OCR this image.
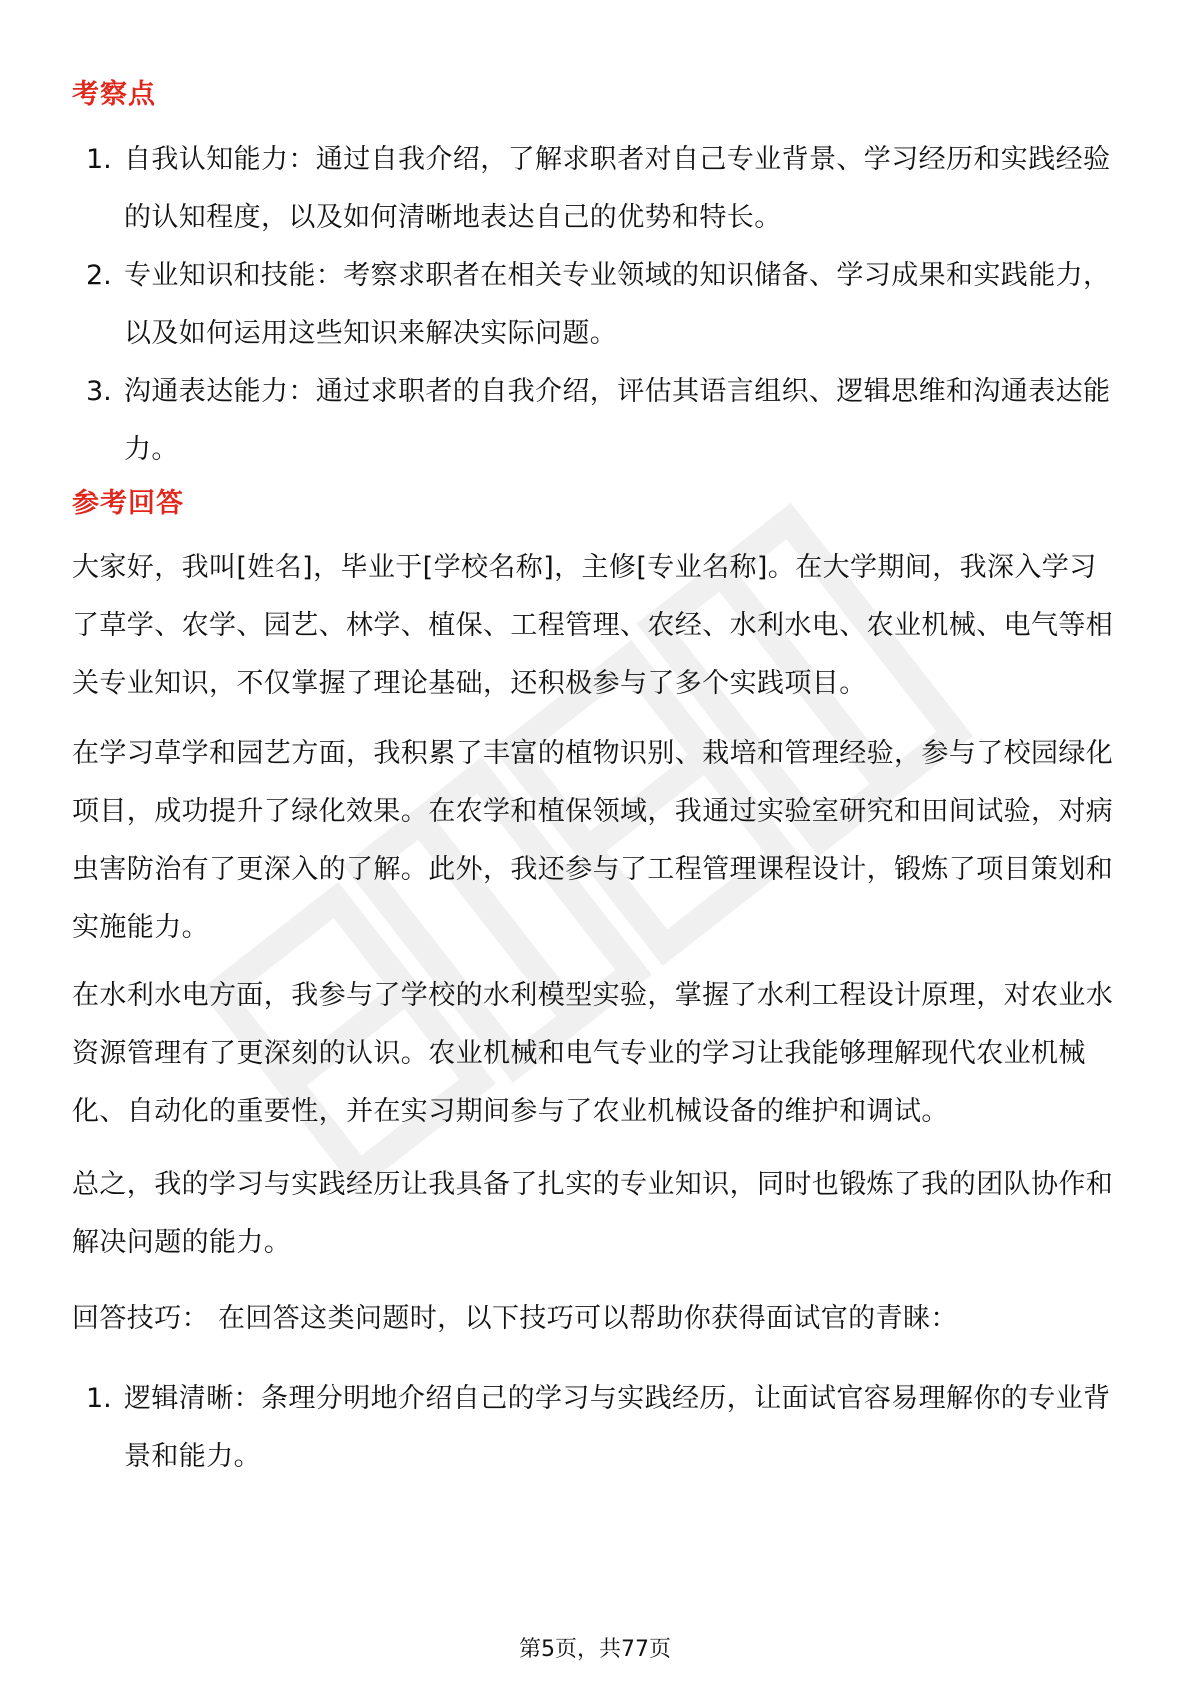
考察点
1. 自我认知能力：通过自我介绍，了解求职者对自己专业背景、学习经历和实践经验的认知程度，以及如何清晰地表达自己的优势和特长。
2. 专业知识和技能：考察求职者在相关专业领域的知识储备、学习成果和实践能力，以及如何运用这些知识来解决实际问题。
3. 沟通表达能力：通过求职者的自我介绍，评估其语言组织、逻辑思维和沟通表达能力。
参考回答
大家好，我叫[姓名]，毕业于[学校名称]，主修[专业名称]。在大学期间，我深入学习了草学、农学、园艺、林学、植保、工程管理、农经、水利水电、农业机械、电气等相关专业知识，不仅掌握了理论基础，还积极参与了多个实践项目。
在学习草学和园艺方面，我积累了丰富的植物识别、栽培和管理经验，参与了校园绿化项目，成功提升了绿化效果。在农学和植保领域，我通过实验室研究和田间试验，对病虫害防治有了更深入的了解。此外，我还参与了工程管理课程设计，锻炼了项目策划和实施能力。
在水利水电方面，我参与了学校的水利模型实验，掌握了水利工程设计原理，对农业水资源管理有了更深刻的认识。农业机械和电气专业的学习让我能够理解现代农业机械化、自动化的重要性，并在实习期间参与了农业机械设备的维护和调试。
总之，我的学习与实践经历让我具备了扎实的专业知识，同时也锻炼了我的团队协作和解决问题的能力。
回答技巧： 在回答这类问题时，以下技巧可以帮助你获得面试官的青睐：
1. 逻辑清晰：条理分明地介绍自己的学习与实践经历，让面试官容易理解你的专业背景和能力。
第5页，共77页
